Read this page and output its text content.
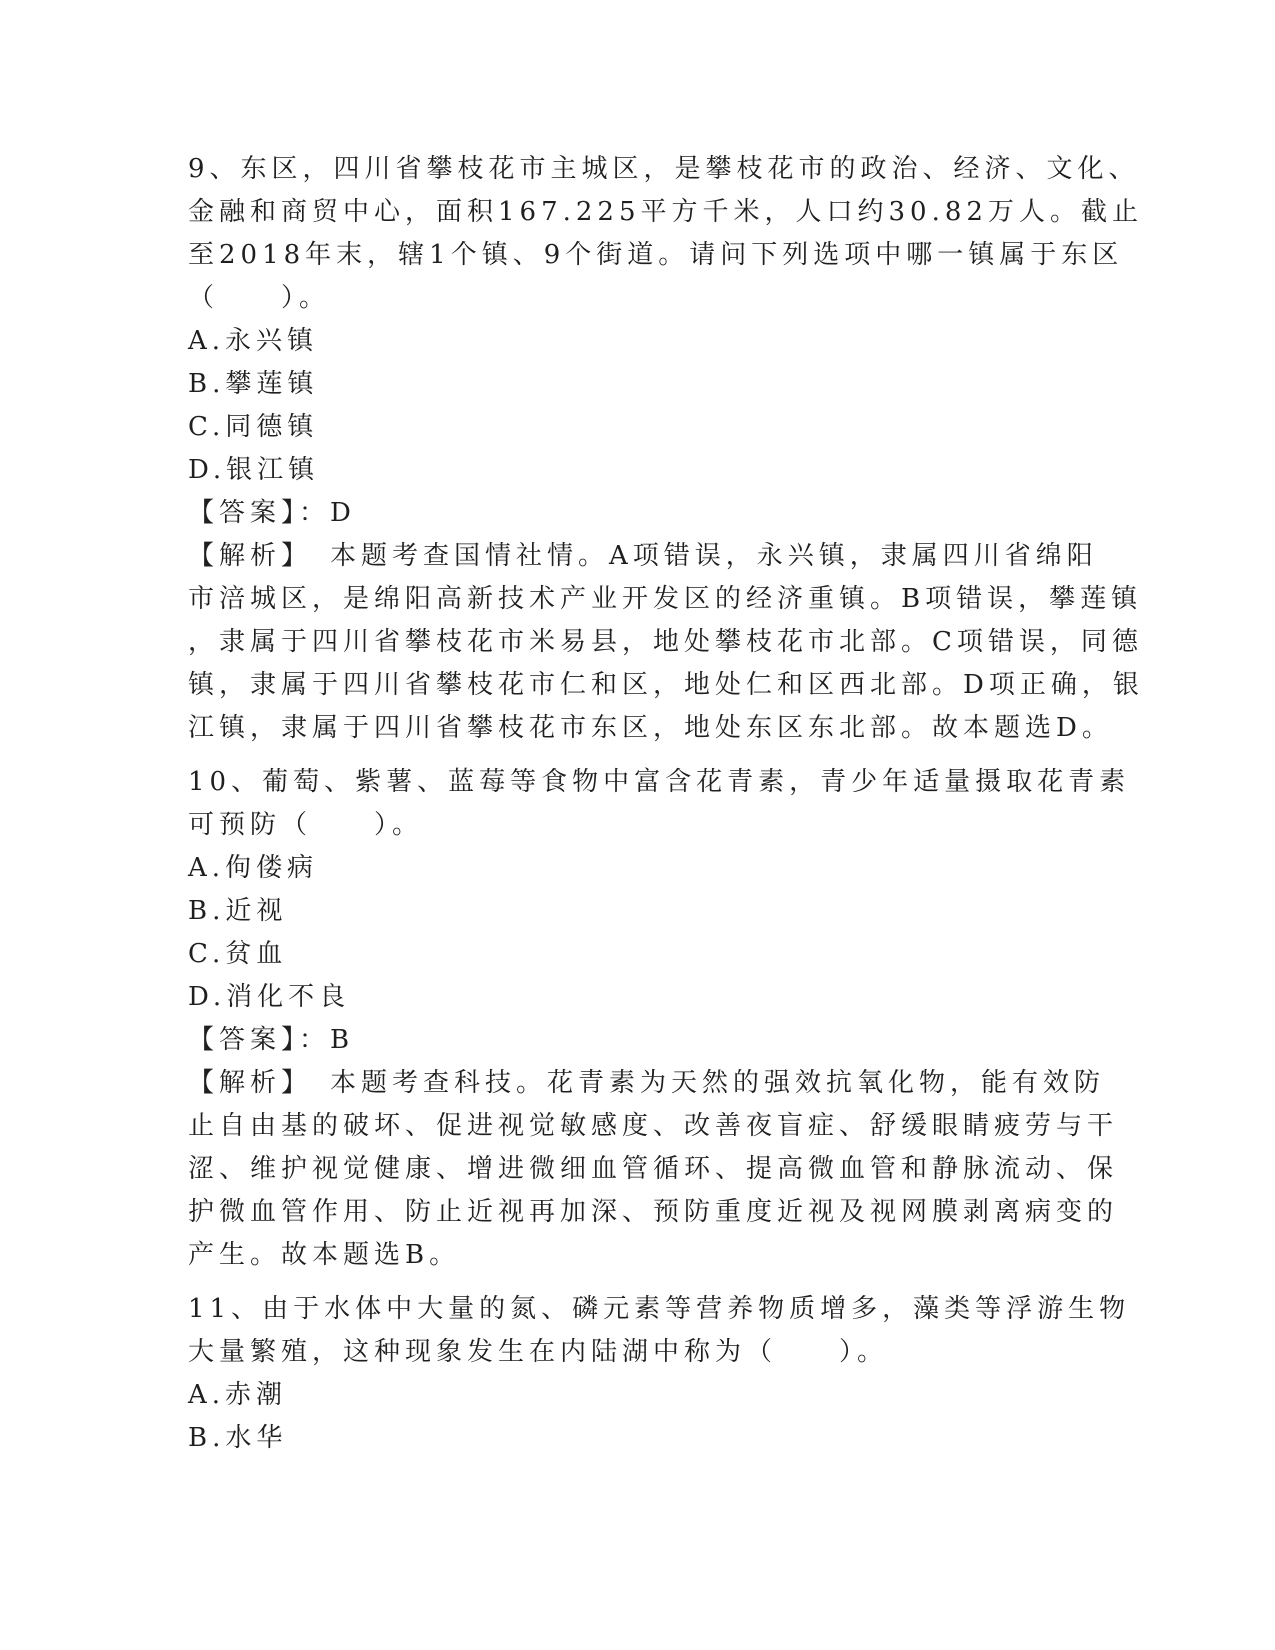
9、东区，四川省攀枝花市主城区，是攀枝花市的政治、经济、文化、

金融和商贸中心，面积167.225平方千米，人口约30.82万人。截止

至2018年末，辖1个镇、9个街道。请问下列选项中哪一镇属于东区

（　　）。

A.永兴镇

B.攀莲镇

C.同德镇

D.银江镇

【答案】：D

【解析】　本题考查国情社情。A项错误，永兴镇，隶属四川省绵阳

市涪城区，是绵阳高新技术产业开发区的经济重镇。B项错误，攀莲镇

，隶属于四川省攀枝花市米易县，地处攀枝花市北部。C项错误，同德

镇，隶属于四川省攀枝花市仁和区，地处仁和区西北部。D项正确，银

江镇，隶属于四川省攀枝花市东区，地处东区东北部。故本题选D。

10、葡萄、紫薯、蓝莓等食物中富含花青素，青少年适量摄取花青素

可预防（　　）。

A.佝偻病

B.近视

C.贫血

D.消化不良

【答案】：B

【解析】　本题考查科技。花青素为天然的强效抗氧化物，能有效防

止自由基的破坏、促进视觉敏感度、改善夜盲症、舒缓眼睛疲劳与干

涩、维护视觉健康、增进微细血管循环、提高微血管和静脉流动、保

护微血管作用、防止近视再加深、预防重度近视及视网膜剥离病变的

产生。故本题选B。

11、由于水体中大量的氮、磷元素等营养物质增多，藻类等浮游生物

大量繁殖，这种现象发生在内陆湖中称为（　　）。

A.赤潮

B.水华
